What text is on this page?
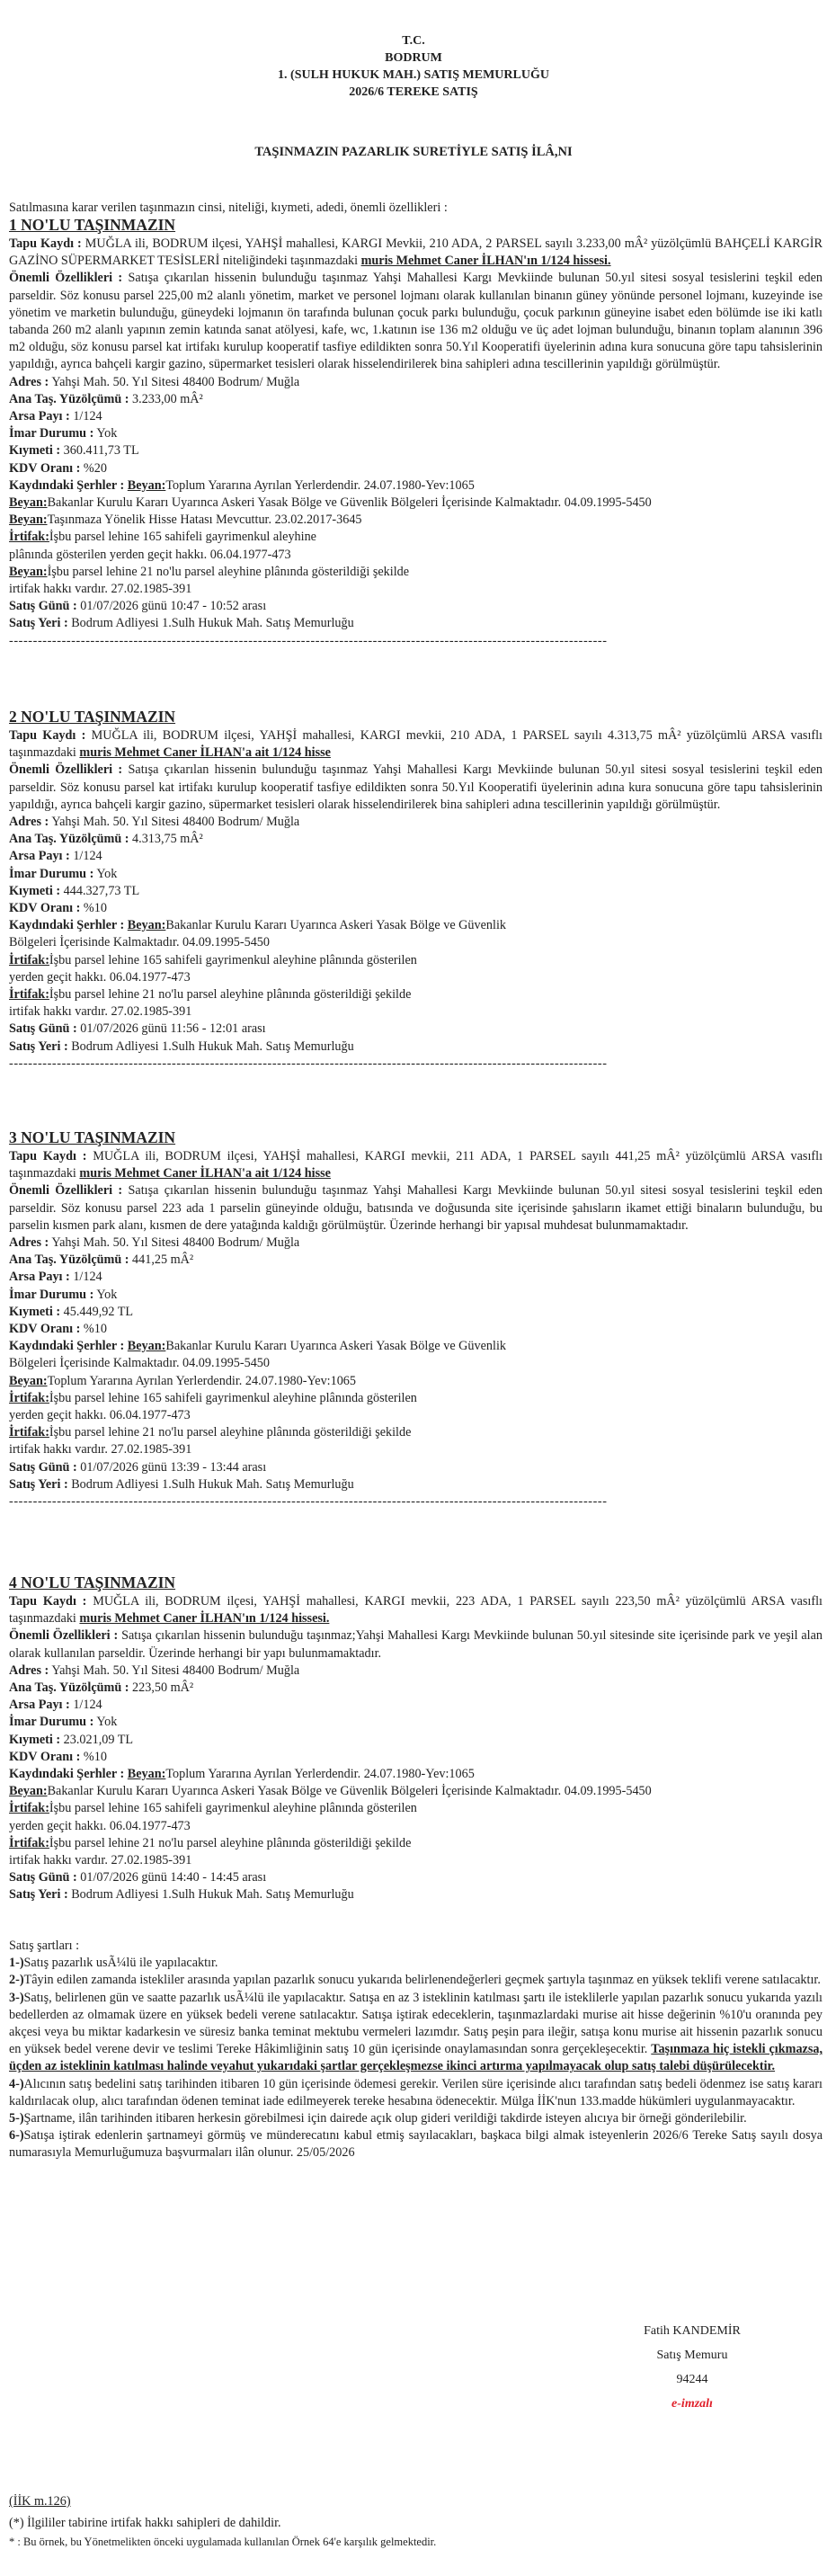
T.C.
BODRUM
1. (SULH HUKUK MAH.) SATIŞ MEMURLUĞU
2026/6 TEREKE SATIŞ
TAŞINMAZIN PAZARLIK SURETİYLE SATIŞ İLÂ,NI

Satılmasına karar verilen taşınmazın cinsi, niteliği, kıymeti, adedi, önemli özellikleri :

1 NO'LU TAŞINMAZIN

Tapu Kaydı : MUĞLA ili, BODRUM ilçesi, YAHŞİ mahallesi, KARGI Mevkii, 210 ADA, 2 PARSEL sayılı 3.233,00 mÂ² yüzölçümlü BAHÇELİ KARGİR GAZİNO SÜPERMARKET TESİSLERİ niteliğindeki taşınmazdaki muris Mehmet Caner İLHAN'ın 1/124 hissesi.

Önemli Özellikleri : Satışa çıkarılan hissenin bulunduğu taşınmaz Yahşi Mahallesi Kargı Mevkiinde bulunan 50.yıl sitesi sosyal tesislerini teşkil eden parseldir. Söz konusu parsel 225,00 m2 alanlı yönetim, market ve personel lojmanı olarak kullanılan binanın güney yönünde personel lojmanı, kuzeyinde ise yönetim ve marketin bulunduğu, güneydeki lojmanın ön tarafında bulunan çocuk parkı bulunduğu, çocuk parkının güneyine isabet eden bölümde ise iki katlı tabanda 260 m2 alanlı yapının zemin katında sanat atölyesi, kafe, wc, 1.katının ise 136 m2 olduğu ve üç adet lojman bulunduğu, binanın toplam alanının 396 m2 olduğu, söz konusu parsel kat irtifakı kurulup kooperatif tasfiye edildikten sonra 50.Yıl Kooperatifi üyelerinin adına kura sonucuna göre tapu tahsislerinin yapıldığı, ayrıca bahçeli kargir gazino, süpermarket tesisleri olarak hisselendirilerek bina sahipleri adına tescillerinin yapıldığı görülmüştür.

Adres : Yahşi Mah. 50. Yıl Sitesi 48400 Bodrum/ Muğla

Ana Taş. Yüzölçümü : 3.233,00 mÂ²

Arsa Payı : 1/124

İmar Durumu : Yok

Kıymeti : 360.411,73 TL

KDV Oranı : %20

Kaydındaki Şerhler : Beyan:Toplum Yararına Ayrılan Yerlerdendir. 24.07.1980-Yev:1065

Beyan:Bakanlar Kurulu Kararı Uyarınca Askeri Yasak Bölge ve Güvenlik Bölgeleri İçerisinde Kalmaktadır. 04.09.1995-5450

Beyan:Taşınmaza Yönelik Hisse Hatası Mevcuttur. 23.02.2017-3645

İrtifak:İşbu parsel lehine 165 sahifeli gayrimenkul aleyhine
plânında gösterilen yerden geçit hakkı. 06.04.1977-473

Beyan:İşbu parsel lehine 21 no'lu parsel aleyhine plânında gösterildiği şekilde
irtifak hakkı vardır. 27.02.1985-391

Satış Günü : 01/07/2026 günü 10:47 - 10:52 arası

Satış Yeri : Bodrum Adliyesi 1.Sulh Hukuk Mah. Satış Memurluğu

-----------------------------------------------------------------------------------------------------------------------------
2 NO'LU TAŞINMAZIN

Tapu Kaydı : MUĞLA ili, BODRUM ilçesi, YAHŞİ mahallesi, KARGI mevkii, 210 ADA, 1 PARSEL sayılı 4.313,75 mÂ² yüzölçümlü ARSA vasıflı taşınmazdaki muris Mehmet Caner İLHAN'a ait 1/124 hisse

Önemli Özellikleri : Satışa çıkarılan hissenin bulunduğu taşınmaz Yahşi Mahallesi Kargı Mevkiinde bulunan 50.yıl sitesi sosyal tesislerini teşkil eden parseldir. Söz konusu parsel kat irtifakı kurulup kooperatif tasfiye edildikten sonra 50.Yıl Kooperatifi üyelerinin adına kura sonucuna göre tapu tahsislerinin yapıldığı, ayrıca bahçeli kargir gazino, süpermarket tesisleri olarak hisselendirilerek bina sahipleri adına tescillerinin yapıldığı görülmüştür.

Adres : Yahşi Mah. 50. Yıl Sitesi 48400 Bodrum/ Muğla

Ana Taş. Yüzölçümü : 4.313,75 mÂ²

Arsa Payı : 1/124

İmar Durumu : Yok

Kıymeti : 444.327,73 TL

KDV Oranı : %10

Kaydındaki Şerhler : Beyan:Bakanlar Kurulu Kararı Uyarınca Askeri Yasak Bölge ve Güvenlik
Bölgeleri İçerisinde Kalmaktadır. 04.09.1995-5450

İrtifak:İşbu parsel lehine 165 sahifeli gayrimenkul aleyhine plânında gösterilen
yerden geçit hakkı. 06.04.1977-473

İrtifak:İşbu parsel lehine 21 no'lu parsel aleyhine plânında gösterildiği şekilde
irtifak hakkı vardır. 27.02.1985-391

Satış Günü : 01/07/2026 günü 11:56 - 12:01 arası

Satış Yeri : Bodrum Adliyesi 1.Sulh Hukuk Mah. Satış Memurluğu

-----------------------------------------------------------------------------------------------------------------------------
3 NO'LU TAŞINMAZIN

Tapu Kaydı : MUĞLA ili, BODRUM ilçesi, YAHŞİ mahallesi, KARGI mevkii, 211 ADA, 1 PARSEL sayılı 441,25 mÂ² yüzölçümlü ARSA vasıflı taşınmazdaki muris Mehmet Caner İLHAN'a ait 1/124 hisse

Önemli Özellikleri : Satışa çıkarılan hissenin bulunduğu taşınmaz Yahşi Mahallesi Kargı Mevkiinde bulunan 50.yıl sitesi sosyal tesislerini teşkil eden parseldir. Söz konusu parsel 223 ada 1 parselin güneyinde olduğu, batısında ve doğusunda site içerisinde şahısların ikamet ettiği binaların bulunduğu, bu parselin kısmen park alanı, kısmen de dere yatağında kaldığı görülmüştür. Üzerinde herhangi bir yapısal muhdesat bulunmamaktadır.

Adres : Yahşi Mah. 50. Yıl Sitesi 48400 Bodrum/ Muğla

Ana Taş. Yüzölçümü : 441,25 mÂ²

Arsa Payı : 1/124

İmar Durumu : Yok

Kıymeti : 45.449,92 TL

KDV Oranı : %10

Kaydındaki Şerhler : Beyan:Bakanlar Kurulu Kararı Uyarınca Askeri Yasak Bölge ve Güvenlik
Bölgeleri İçerisinde Kalmaktadır. 04.09.1995-5450

Beyan:Toplum Yararına Ayrılan Yerlerdendir. 24.07.1980-Yev:1065

İrtifak:İşbu parsel lehine 165 sahifeli gayrimenkul aleyhine plânında gösterilen
yerden geçit hakkı. 06.04.1977-473

İrtifak:İşbu parsel lehine 21 no'lu parsel aleyhine plânında gösterildiği şekilde
irtifak hakkı vardır. 27.02.1985-391

Satış Günü : 01/07/2026 günü 13:39 - 13:44 arası

Satış Yeri : Bodrum Adliyesi 1.Sulh Hukuk Mah. Satış Memurluğu

-----------------------------------------------------------------------------------------------------------------------------
4 NO'LU TAŞINMAZIN

Tapu Kaydı : MUĞLA ili, BODRUM ilçesi, YAHŞİ mahallesi, KARGI mevkii, 223 ADA, 1 PARSEL sayılı 223,50 mÂ² yüzölçümlü ARSA vasıflı taşınmazdaki muris Mehmet Caner İLHAN'ın 1/124 hissesi.

Önemli Özellikleri : Satışa çıkarılan hissenin bulunduğu taşınmaz;Yahşi Mahallesi Kargı Mevkiinde bulunan 50.yıl sitesinde site içerisinde park ve yeşil alan olarak kullanılan parseldir. Üzerinde herhangi bir yapı bulunmamaktadır.

Adres : Yahşi Mah. 50. Yıl Sitesi 48400 Bodrum/ Muğla

Ana Taş. Yüzölçümü : 223,50 mÂ²

Arsa Payı : 1/124

İmar Durumu : Yok

Kıymeti : 23.021,09 TL

KDV Oranı : %10

Kaydındaki Şerhler : Beyan:Toplum Yararına Ayrılan Yerlerdendir. 24.07.1980-Yev:1065

Beyan:Bakanlar Kurulu Kararı Uyarınca Askeri Yasak Bölge ve Güvenlik Bölgeleri İçerisinde Kalmaktadır. 04.09.1995-5450

İrtifak:İşbu parsel lehine 165 sahifeli gayrimenkul aleyhine plânında gösterilen
yerden geçit hakkı. 06.04.1977-473

İrtifak:İşbu parsel lehine 21 no'lu parsel aleyhine plânında gösterildiği şekilde
irtifak hakkı vardır. 27.02.1985-391

Satış Günü : 01/07/2026 günü 14:40 - 14:45 arası

Satış Yeri : Bodrum Adliyesi 1.Sulh Hukuk Mah. Satış Memurluğu

Satış şartları :

1-)Satış pazarlık usÃ¼lü ile yapılacaktır.

2-)Tâyin edilen zamanda istekliler arasında yapılan pazarlık sonucu yukarıda belirlenendeğerleri geçmek şartıyla taşınmaz en yüksek teklifi verene satılacaktır.

3-)Satış, belirlenen gün ve saatte pazarlık usÃ¼lü ile yapılacaktır. Satışa en az 3 isteklinin katılması şartı ile isteklilerle yapılan pazarlık sonucu yukarıda yazılı bedellerden az olmamak üzere en yüksek bedeli verene satılacaktır. Satışa iştirak edeceklerin, taşınmazlardaki murise ait hisse değerinin %10'u oranında pey akçesi veya bu miktar kadarkesin ve süresiz banka teminat mektubu vermeleri lazımdır. Satış peşin para ileğir, satışa konu murise ait hissenin pazarlık sonucu en yüksek bedel verene devir ve teslimi Tereke Hâkimliğinin satış 10 gün içerisinde onaylamasından sonra gerçekleşecektir. Taşınmaza hiç istekli çıkmazsa, üçden az isteklinin katılması halinde veyahut yukarıdaki şartlar gerçekleşmezse ikinci artırma yapılmayacak olup satış talebi düşürülecektir.

4-)Alıcının satış bedelini satış tarihinden itibaren 10 gün içerisinde ödemesi gerekir. Verilen süre içerisinde alıcı tarafından satış bedeli ödenmez ise satış kararı kaldırılacak olup, alıcı tarafından ödenen teminat iade edilmeyerek tereke hesabına ödenecektir. Mülga İİK'nun 133.madde hükümleri uygulanmayacaktır.

5-)Şartname, ilân tarihinden itibaren herkesin görebilmesi için dairede açık olup gideri verildiği takdirde isteyen alıcıya bir örneği gönderilebilir.

6-)Satışa iştirak edenlerin şartnameyi görmüş ve münderecatını kabul etmiş sayılacakları, başkaca bilgi almak isteyenlerin 2026/6 Tereke Satış sayılı dosya numarasıyla Memurluğumuza başvurmaları ilân olunur. 25/05/2026

Fatih KANDEMİR
Satış Memuru
94244
e-imzalı

(İİK m.126)

(*) İlgililer tabirine irtifak hakkı sahipleri de dahildir.

* : Bu örnek, bu Yönetmelikten önceki uygulamada kullanılan Örnek 64'e karşılık gelmektedir.
